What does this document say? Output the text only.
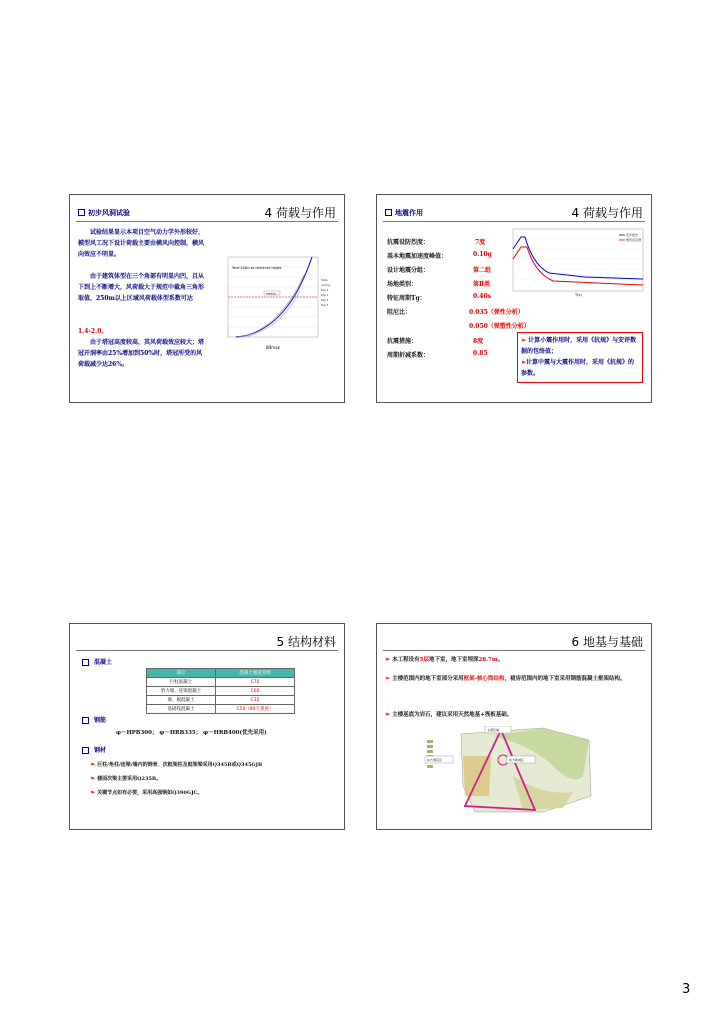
初步风洞试验	4 荷载与作用
试验结果显示本项目空气动力学外形较好，模型风工况下设计荷载主要由横风向控制，横风向效应不明显。
由于建筑体型在三个角部有明显内凹，且从下到上不断增大，风荷载大于规范中截角三角形取值，250m以上区域风荷载体型系数可达
1.4-2.0。
由于塔冠高度较高，其风荷载效应较大；塔冠开洞率由25%增加到50%时，塔冠所受的风荷载减少达26%。
reading
Total 518m as reference height
Ⅱ/Ⅱmax
Table
Coding
Exp 0
Exp 1
Exp 2
Exp 3
地震作用	4 荷载与作用
抗震设防烈度：	7度
基本地震加速度峰值：	0.10g
设计地震分组：	第二组
场地类别：	第Ⅱ类
特征周期Tg：	0.40s
阻尼比：	0.035（弹性分析）
0.050（弹塑性分析）
抗震措施：	8度
周期折减系数：	0.85
➢ 计算小震作用时，采用《抗规》与安评数据的包络值；
➢计算中震与大震作用时，采用《抗规》的参数。
安评报告
规范反应谱
T(s)
5 结构材料
混凝土
部位	混凝土强度等级
巨柱混凝土	C70
剪力墙、连梁混凝土	C60
梁、板混凝土	C35
基础筏混凝土	C50（90天强度）
钢筋
φ－HPB300； φ－HRB335； φ－HRB400(优先采用)
钢材
➢ 巨柱/角柱/连梁/墙内的钢骨、次框架柱及框架梁采用Q345B或Q345GJB
➢ 楼面次梁主要采用Q235B。
➢ 关键节点如有必要，采用高强钢如Q390GJC。
6 地基与基础
➢ 本工程设有5层地下室，地下室埋深28.7m。
➢ 主楼范围内的地下室部分采用框架-核心筒结构，裙房范围内的地下室采用钢筋混凝土框架结构。
➢ 主楼基底为岩石，建议采用天然地基+筏板基础。
主塔区域
东方酒店区	东方新城区
3
